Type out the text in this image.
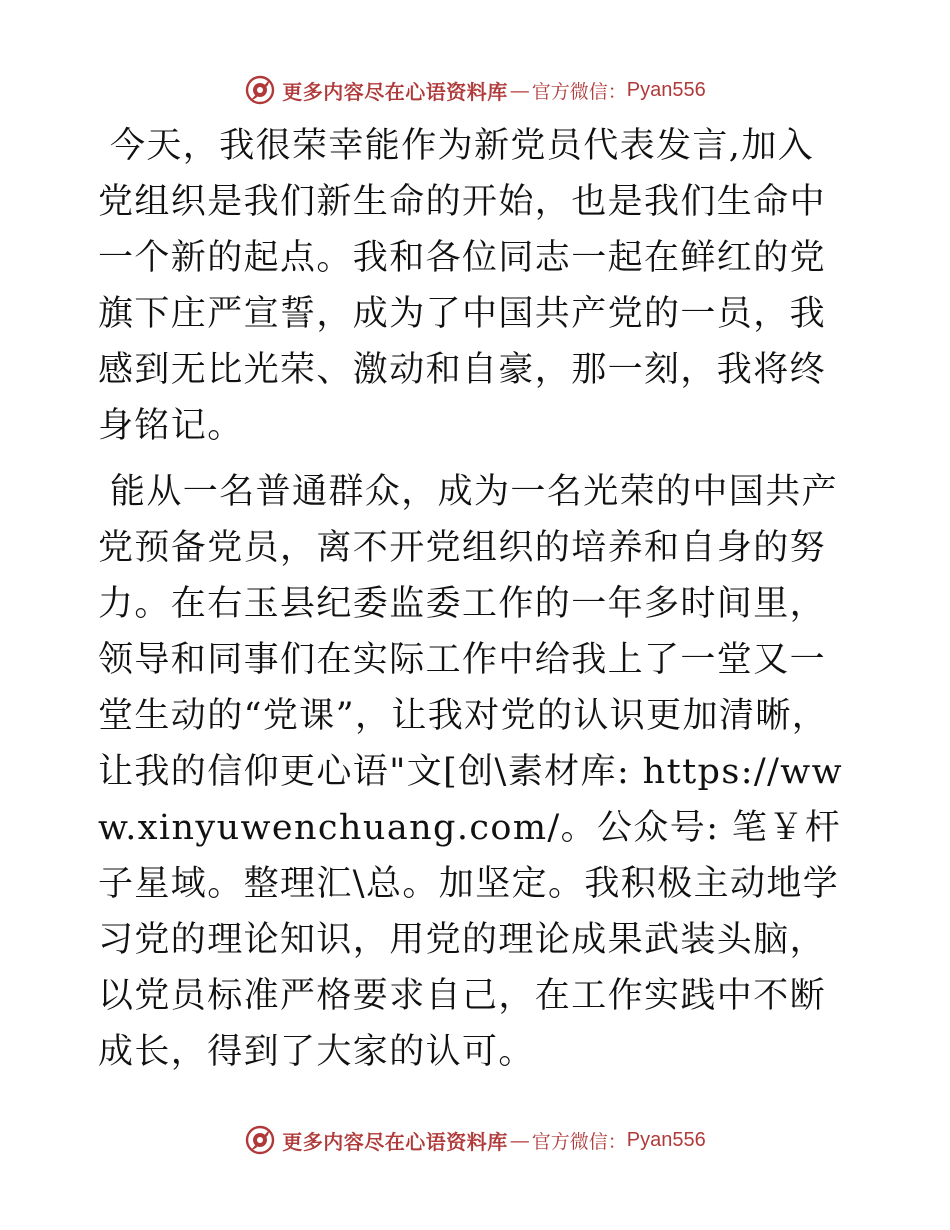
更多内容尽在心语资料库 — 官方微信： Pyan556

今天，我很荣幸能作为新党员代表发言,加入党组织是我们新生命的开始，也是我们生命中一个新的起点。我和各位同志一起在鲜红的党旗下庄严宣誓，成为了中国共产党的一员，我感到无比光荣、激动和自豪，那一刻，我将终身铭记。

能从一名普通群众，成为一名光荣的中国共产党预备党员，离不开党组织的培养和自身的努力。在右玉县纪委监委工作的一年多时间里，领导和同事们在实际工作中给我上了一堂又一堂生动的“党课”，让我对党的认识更加清晰，让我的信仰更心语"文[创\素材库: https://www.xinyuwenchuang.com/。公众号: 笔￥杆子星域。整理汇\总。加坚定。我积极主动地学习党的理论知识，用党的理论成果武装头脑，以党员标准严格要求自己，在工作实践中不断成长，得到了大家的认可。

更多内容尽在心语资料库 — 官方微信： Pyan556
